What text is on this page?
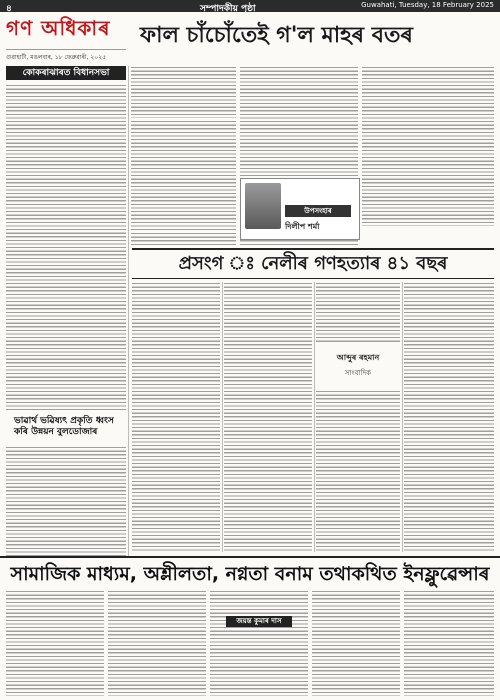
৪	সম্পাদকীয় পৃষ্ঠা	Guwahati, Tuesday, 18 February 2025
গণ অধিকাৰ
গুৱাহাটী, মঙলবাৰ, ১৮ ফেব্ৰুৱাৰী, ২০২৫
ফাল চাঁচোঁতেই গ'ল মাহৰ বতৰ
কোকৰাঝাৰত বিধানসভা
উপসংহাৰ
দিলীপ শৰ্মা
ভাৱাৰ্থ ভৱিষ্যৎ প্ৰকৃতি ধ্বংস কৰি উন্নয়ন বুলডোজাৰ
প্ৰসংগ ঃ নেলীৰ গণহত্যাৰ ৪১ বছৰ
আব্দুৰ ৰহমান
সাংবাদিক
সামাজিক মাধ্যম, অশ্লীলতা, নগ্নতা বনাম তথাকথিত ইনফ্লুৱেন্সাৰ
জয়ন্ত কুমাৰ দাস
